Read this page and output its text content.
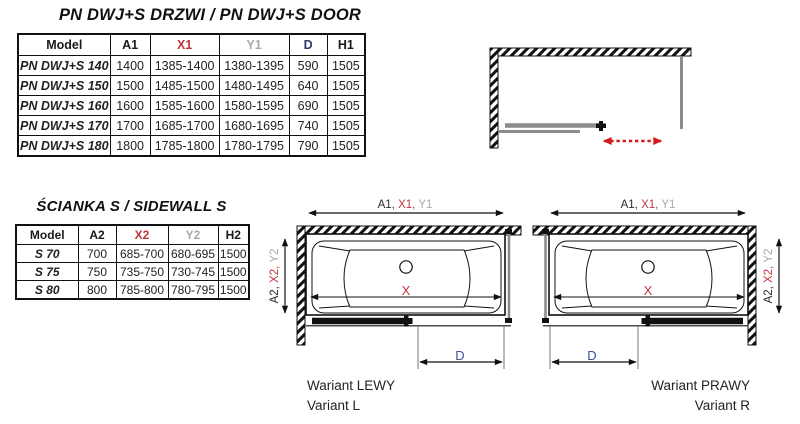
PN DWJ+S DRZWI / PN DWJ+S DOOR
Model	A1	X1	Y1	D	H1
PN DWJ+S 140	1400	1385-1400	1380-1395	590	1505
PN DWJ+S 150	1500	1485-1500	1480-1495	640	1505
PN DWJ+S 160	1600	1585-1600	1580-1595	690	1505
PN DWJ+S 170	1700	1685-1700	1680-1695	740	1505
PN DWJ+S 180	1800	1785-1800	1780-1795	790	1505
ŚCIANKA S / SIDEWALL S
Model	A2	X2	Y2	H2
S 70	700	685-700	680-695	1500
S 75	750	735-750	730-745	1500
S 80	800	785-800	780-795	1500
A1, X1, Y1	A1, X1, Y1
A2, X2, Y2
A2, X2, Y2
X	X
D	D
Wariant LEWY
Variant L
Wariant PRAWY
Variant R
